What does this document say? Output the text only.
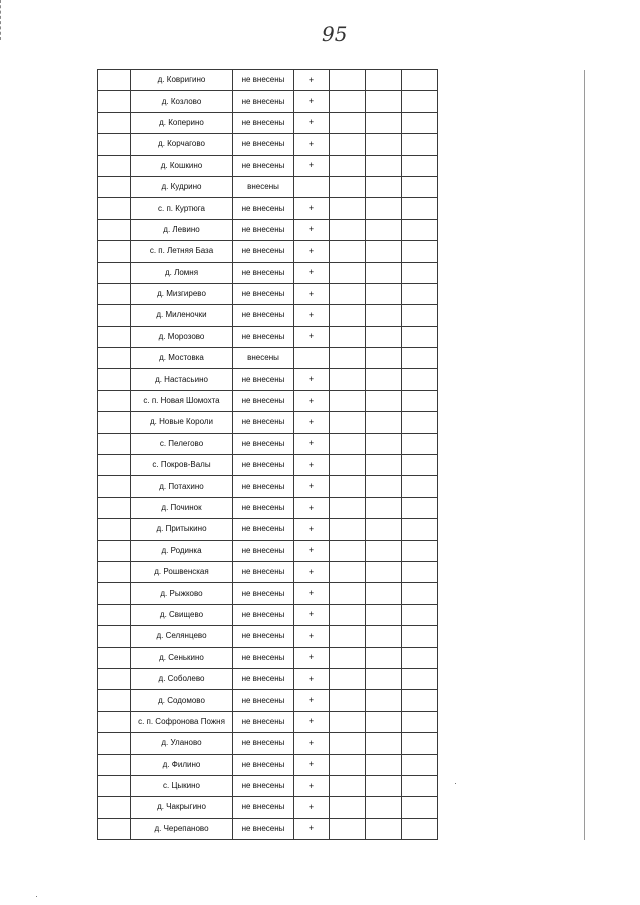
95
	д. Ковригино	не внесены	+			
	д. Козлово	не внесены	+			
	д. Коперино	не внесены	+			
	д. Корчагово	не внесены	+			
	д. Кошкино	не внесены	+			
	д. Кудрино	внесены				
	с. п. Куртюга	не внесены	+			
	д. Левино	не внесены	+			
	с. п. Летняя База	не внесены	+			
	д. Ломня	не внесены	+			
	д. Мизгирево	не внесены	+			
	д. Миленочки	не внесены	+			
	д. Морозово	не внесены	+			
	д. Мостовка	внесены				
	д. Настасьино	не внесены	+			
	с. п. Новая Шомохта	не внесены	+			
	д. Новые Короли	не внесены	+			
	с. Пелегово	не внесены	+			
	с. Покров-Валы	не внесены	+			
	д. Потахино	не внесены	+			
	д. Починок	не внесены	+			
	д. Притыкино	не внесены	+			
	д. Родинка	не внесены	+			
	д. Рошвенская	не внесены	+			
	д. Рыжково	не внесены	+			
	д. Свищево	не внесены	+			
	д. Селянцево	не внесены	+			
	д. Сенькино	не внесены	+			
	д. Соболево	не внесены	+			
	д. Содомово	не внесены	+			
	с. п. Софронова Пожня	не внесены	+			
	д. Уланово	не внесены	+			
	д. Филино	не внесены	+			
	с. Цыкино	не внесены	+			
	д. Чакрыгино	не внесены	+			
	д. Черепаново	не внесены	+			
